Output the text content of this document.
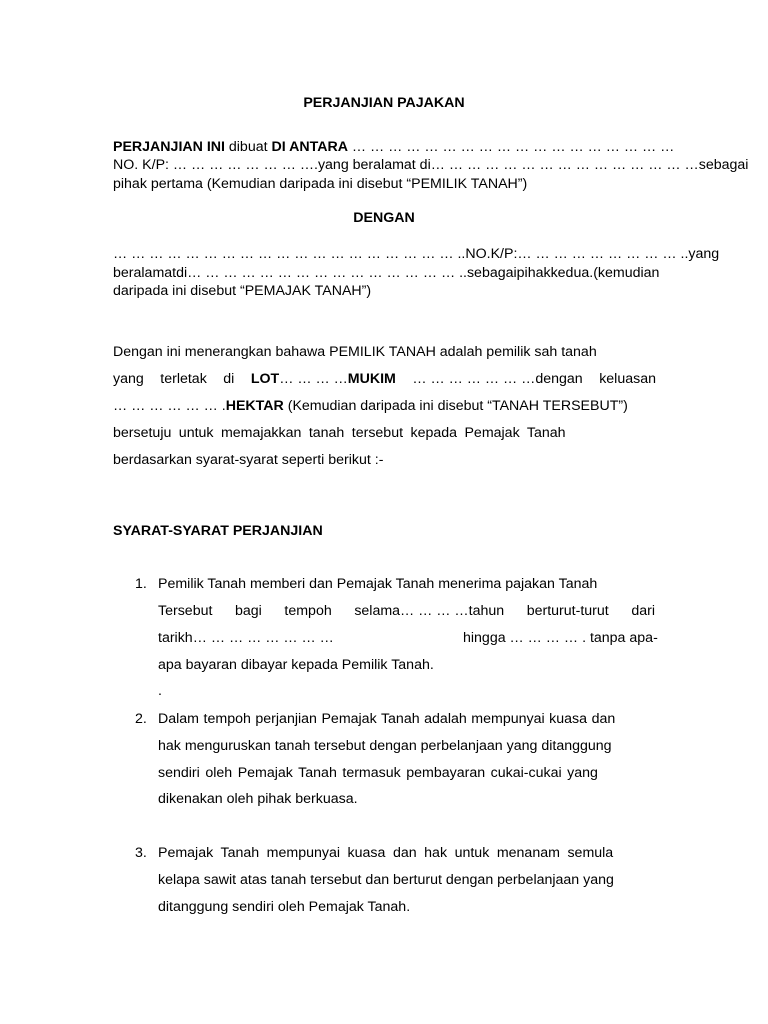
PERJANJIAN PAJAKAN
PERJANJIAN INI dibuat DI ANTARA … … … … … … … … … … … … … … … … … …
NO. K/P: … … … … … … … ….yang beralamat di… … … … … … … … … … … … … … … sebagai
pihak pertama (Kemudian daripada ini disebut “PEMILIK TANAH”)
DENGAN
… … … … … … … … … … … … … … … … … … … .. NO. K/P:… … … … … … … … … ..yang
beralamat di… … … … … … … … … … … … … … … ..sebagai pihak kedua. (kemudian
daripada ini disebut “PEMAJAK TANAH”)
Dengan ini menerangkan bahawa PEMILIK TANAH adalah pemilik sah tanah
yang terletak di LOT… … … …MUKIM … … … … … … …dengan keluasan
… … … … … … .HEKTAR (Kemudian daripada ini disebut “TANAH TERSEBUT”)
bersetuju untuk memajakkan tanah tersebut kepada Pemajak Tanah
berdasarkan syarat-syarat seperti berikut :-
SYARAT-SYARAT PERJANJIAN
1. Pemilik Tanah memberi dan Pemajak Tanah menerima pajakan Tanah
Tersebut bagi tempoh selama… … … …tahun berturut-turut dari
tarikh… … … … … … … …	hingga … … … … . tanpa apa-
apa bayaran dibayar kepada Pemilik Tanah.
.
2. Dalam tempoh perjanjian Pemajak Tanah adalah mempunyai kuasa dan
hak menguruskan tanah tersebut dengan perbelanjaan yang ditanggung
sendiri oleh Pemajak Tanah termasuk pembayaran cukai-cukai yang
dikenakan oleh pihak berkuasa.
3. Pemajak Tanah mempunyai kuasa dan hak untuk menanam semula
kelapa sawit atas tanah tersebut dan berturut dengan perbelanjaan yang
ditanggung sendiri oleh Pemajak Tanah.
